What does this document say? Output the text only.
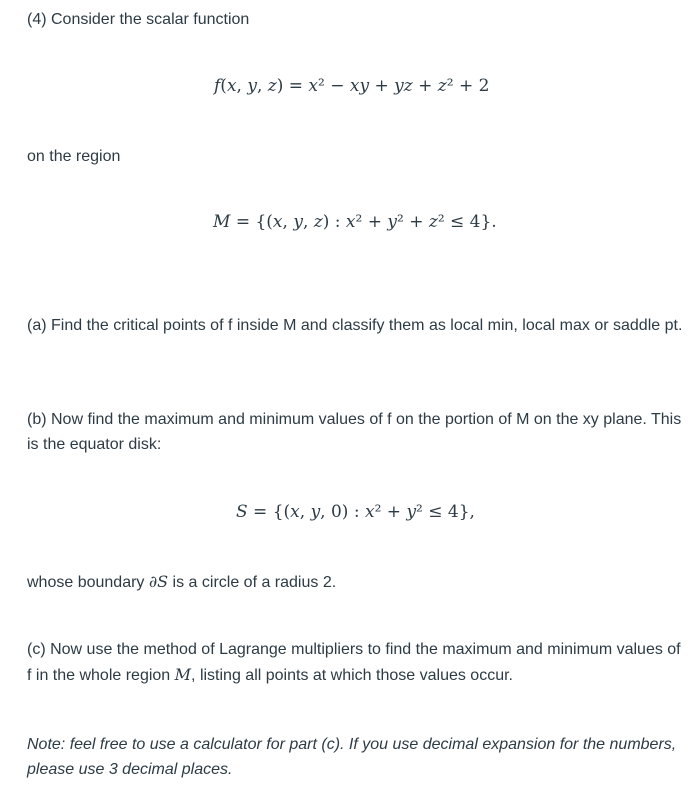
(4) Consider the scalar function

f(x, y, z) = x² − xy + yz + z² + 2

on the region

M = {(x, y, z) : x² + y² + z² ≤ 4}.

(a) Find the critical points of f inside M and classify them as local min, local max or saddle pt.

(b) Now find the maximum and minimum values of f on the portion of M on the xy plane. This is the equator disk:

S = {(x, y, 0) : x² + y² ≤ 4},

whose boundary ∂S is a circle of a radius 2.

(c) Now use the method of Lagrange multipliers to find the maximum and minimum values of f in the whole region M, listing all points at which those values occur.

Note: feel free to use a calculator for part (c). If you use decimal expansion for the numbers, please use 3 decimal places.
